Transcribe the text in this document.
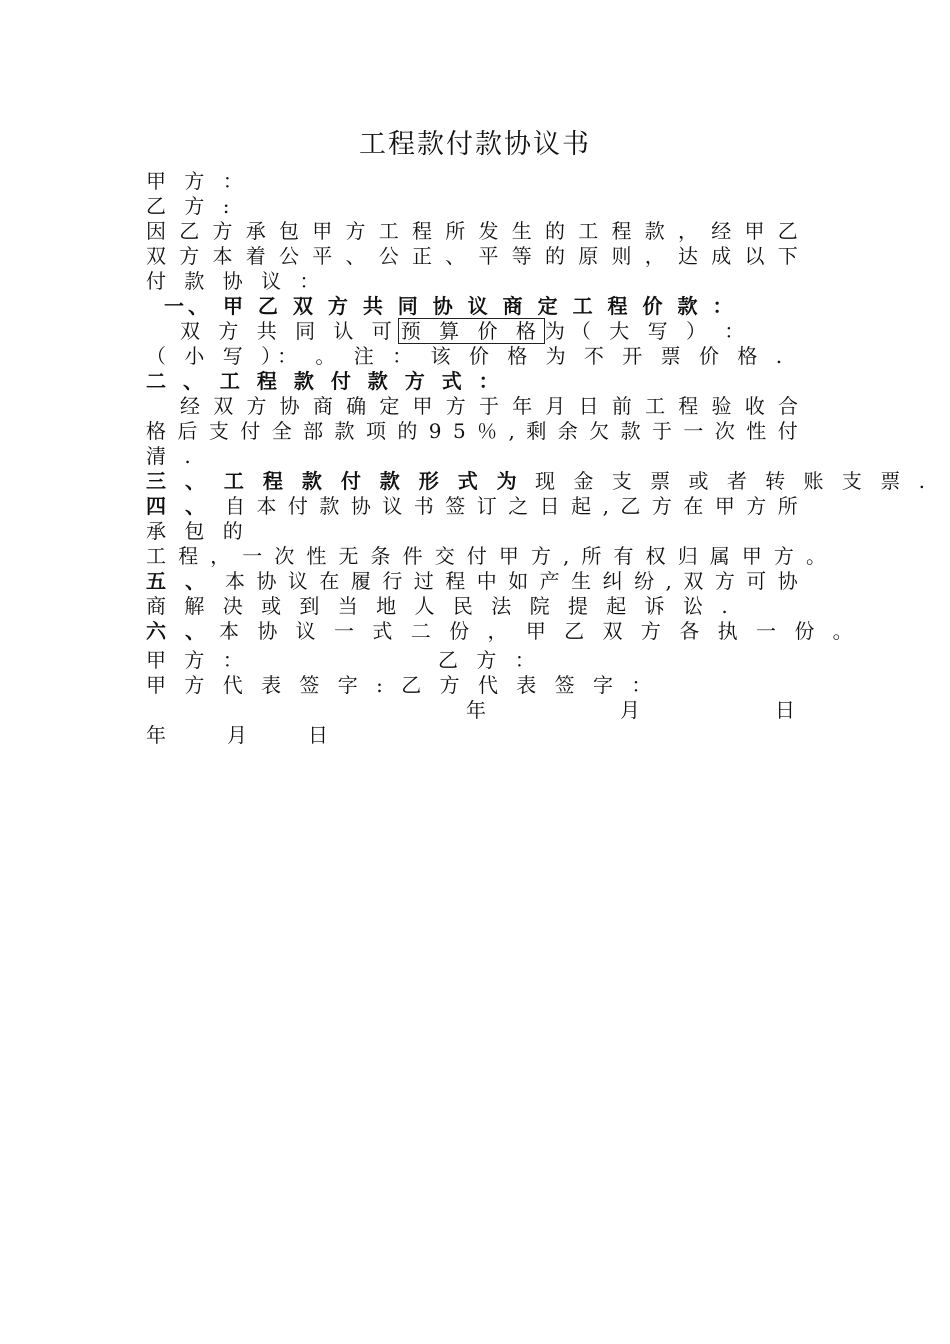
工程款付款协议书

甲 方 ：

乙 方 :

因 乙 方 承 包 甲 方 工 程 所 发 生 的 工 程 款 ， 经 甲 乙

双 方 本 着 公 平 、 公 正 、 平 等 的 原 则 ， 达 成 以 下

付 款 协 议 ：

一、 甲 乙 双 方 共 同 协 议 商 定 工 程 价 款 ：

双 方 共 同 认 可 预 算 价 格 为（ 大 写 ） ：

（ 小 写 ）： 。 注 ： 该 价 格 为 不 开 票 价 格 .

二 、 工 程 款 付 款 方 式 ：

经 双 方 协 商 确 定 甲 方 于 年 月 日 前 工 程 验 收 合

格 后 支 付 全 部 款 项 的 9 5 ％ , 剩 余 欠 款 于 一 次 性 付

清 .

三 、 工 程 款 付 款 形 式 为 现 金 支 票 或 者 转 账 支 票 .

四 、 自 本 付 款 协 议 书 签 订 之 日 起 , 乙 方 在 甲 方 所

承 包 的

工 程 ， 一 次 性 无 条 件 交 付 甲 方 , 所 有 权 归 属 甲 方 。

五 、 本 协 议 在 履 行 过 程 中 如 产 生 纠 纷 , 双 方 可 协

商 解 决 或 到 当 地 人 民 法 院 提 起 诉 讼 .

六 、 本 协 议 一 式 二 份 ， 甲 乙 双 方 各 执 一 份 。

甲 方 ：	乙 方 ：

甲 方 代 表 签 字 : 乙 方 代 表 签 字 ：

年	月	日

年	月	日
